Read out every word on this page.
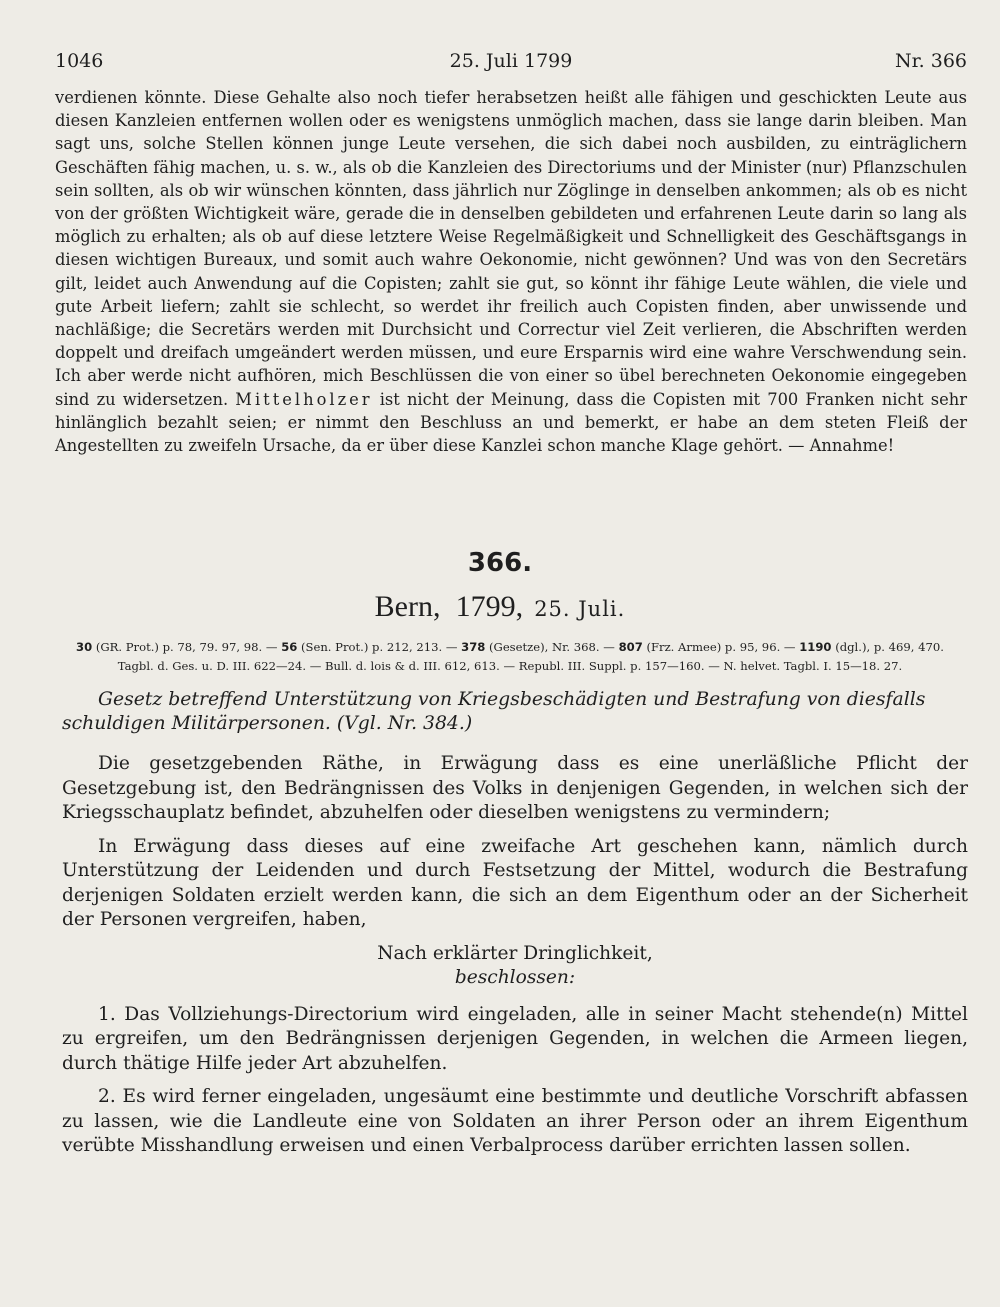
1046	25. Juli 1799	Nr. 366

verdienen könnte. Diese Gehalte also noch tiefer herabsetzen heißt alle fähigen und geschickten Leute aus diesen Kanzleien entfernen wollen oder es wenigstens unmöglich machen, dass sie lange darin bleiben. Man sagt uns, solche Stellen können junge Leute versehen, die sich dabei noch ausbilden, zu einträglichern Geschäften fähig machen, u. s. w., als ob die Kanzleien des Directoriums und der Minister (nur) Pflanzschulen sein sollten, als ob wir wünschen könnten, dass jährlich nur Zöglinge in denselben ankommen; als ob es nicht von der größten Wichtigkeit wäre, gerade die in denselben gebildeten und erfahrenen Leute darin so lang als möglich zu erhalten; als ob auf diese letztere Weise Regelmäßigkeit und Schnelligkeit des Geschäftsgangs in diesen wichtigen Bureaux, und somit auch wahre Oekonomie, nicht gewönnen? Und was von den Secretärs gilt, leidet auch Anwendung auf die Copisten; zahlt sie gut, so könnt ihr fähige Leute wählen, die viele und gute Arbeit liefern; zahlt sie schlecht, so werdet ihr freilich auch Copisten finden, aber unwissende und nachläßige; die Secretärs werden mit Durchsicht und Correctur viel Zeit verlieren, die Abschriften werden doppelt und dreifach umgeändert werden müssen, und eure Ersparnis wird eine wahre Verschwendung sein. Ich aber werde nicht aufhören, mich Beschlüssen die von einer so übel berechneten Oekonomie eingegeben sind zu widersetzen. Mittelholzer ist nicht der Meinung, dass die Copisten mit 700 Franken nicht sehr hinlänglich bezahlt seien; er nimmt den Beschluss an und bemerkt, er habe an dem steten Fleiß der Angestellten zu zweifeln Ursache, da er über diese Kanzlei schon manche Klage gehört. — Annahme!

366.
Bern, 1799, 25. Juli.
30 (GR. Prot.) p. 78, 79. 97, 98. — 56 (Sen. Prot.) p. 212, 213. — 378 (Gesetze), Nr. 368. — 807 (Frz. Armee) p. 95, 96. — 1190 (dgl.), p. 469, 470.
Tagbl. d. Ges. u. D. III. 622—24. — Bull. d. lois & d. III. 612, 613. — Republ. III. Suppl. p. 157—160. — N. helvet. Tagbl. I. 15—18. 27.

Gesetz betreffend Unterstützung von Kriegsbeschädigten und Bestrafung von diesfalls schuldigen Militärpersonen. (Vgl. Nr. 384.)

Die gesetzgebenden Räthe, in Erwägung dass es eine unerläßliche Pflicht der Gesetzgebung ist, den Bedrängnissen des Volks in denjenigen Gegenden, in welchen sich der Kriegsschauplatz befindet, abzuhelfen oder dieselben wenigstens zu vermindern;

In Erwägung dass dieses auf eine zweifache Art geschehen kann, nämlich durch Unterstützung der Leidenden und durch Festsetzung der Mittel, wodurch die Bestrafung derjenigen Soldaten erzielt werden kann, die sich an dem Eigenthum oder an der Sicherheit der Personen vergreifen, haben,

Nach erklärter Dringlichkeit,

beschlossen:

1. Das Vollziehungs-Directorium wird eingeladen, alle in seiner Macht stehende(n) Mittel zu ergreifen, um den Bedrängnissen derjenigen Gegenden, in welchen die Armeen liegen, durch thätige Hilfe jeder Art abzuhelfen.

2. Es wird ferner eingeladen, ungesäumt eine bestimmte und deutliche Vorschrift abfassen zu lassen, wie die Landleute eine von Soldaten an ihrer Person oder an ihrem Eigenthum verübte Misshandlung erweisen und einen Verbalprocess darüber errichten lassen sollen.
